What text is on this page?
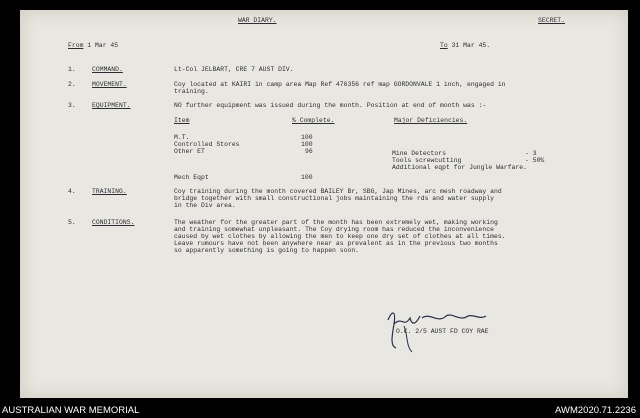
WAR DIARY.	SECRET.
From 1 Mar 45	To 31 Mar 45.
1.	COMMAND.	Lt-Col JELBART, CRE 7 AUST DIV.
2.	MOVEMENT.	Coy located at KAIRI in camp area Map Ref 476356 ref map GORDONVALE 1 inch, engaged in
training.
3.	EQUIPMENT.	NO further equipment was issued during the month. Position at end of month was :-
Item	% Complete.	Major Deficiencies.
M.T.	100
Controlled Stores	100
Other ET	96
Mech Eqpt	100
Mine Detectors	- 3
Tools screwcutting	- 50%
Additional eqpt for Jungle Warfare.
4.	TRAINING.	Coy training during the month covered BAILEY Br, SBG, Jap Mines, arc mesh roadway and
bridge together with small constructional jobs maintaining the rds and water supply
in the Div area.
5.	CONDITIONS.	The weather for the greater part of the month has been extremely wet, making working
and training somewhat unpleasant. The Coy drying room has reduced the inconvenience
caused by wet clothes by allowing the men to keep one dry set of clothes at all times.
Leave rumours have not been anywhere near as prevalent as in the previous two months
so apparently something is going to happen soon.
O.C. 2/5 AUST FD COY RAE
AUSTRALIAN WAR MEMORIAL	AWM2020.71.2236
